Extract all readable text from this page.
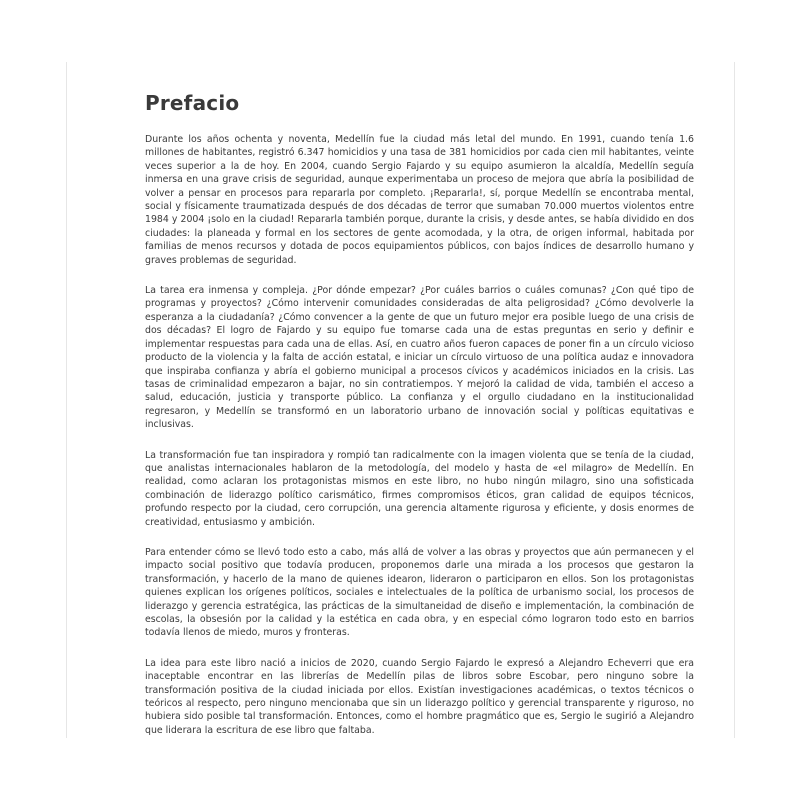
Prefacio

Durante los años ochenta y noventa, Medellín fue la ciudad más letal del mundo. En 1991, cuando tenía 1.6 millones de habitantes, registró 6.347 homicidios y una tasa de 381 homicidios por cada cien mil habitantes, veinte veces superior a la de hoy. En 2004, cuando Sergio Fajardo y su equipo asumieron la alcaldía, Medellín seguía inmersa en una grave crisis de seguridad, aunque experimentaba un proceso de mejora que abría la posibilidad de volver a pensar en procesos para repararla por completo. ¡Repararla!, sí, porque Medellín se encontraba mental, social y físicamente traumatizada después de dos décadas de terror que sumaban 70.000 muertos violentos entre 1984 y 2004 ¡solo en la ciudad! Repararla también porque, durante la crisis, y desde antes, se había dividido en dos ciudades: la planeada y formal en los sectores de gente acomodada, y la otra, de origen informal, habitada por familias de menos recursos y dotada de pocos equipamientos públicos, con bajos índices de desarrollo humano y graves problemas de seguridad.

La tarea era inmensa y compleja. ¿Por dónde empezar? ¿Por cuáles barrios o cuáles comunas? ¿Con qué tipo de programas y proyectos? ¿Cómo intervenir comunidades consideradas de alta peligrosidad? ¿Cómo devolverle la esperanza a la ciudadanía? ¿Cómo convencer a la gente de que un futuro mejor era posible luego de una crisis de dos décadas? El logro de Fajardo y su equipo fue tomarse cada una de estas preguntas en serio y definir e implementar respuestas para cada una de ellas. Así, en cuatro años fueron capaces de poner fin a un círculo vicioso producto de la violencia y la falta de acción estatal, e iniciar un círculo virtuoso de una política audaz e innovadora que inspiraba confianza y abría el gobierno municipal a procesos cívicos y académicos iniciados en la crisis. Las tasas de criminalidad empezaron a bajar, no sin contratiempos. Y mejoró la calidad de vida, también el acceso a salud, educación, justicia y transporte público. La confianza y el orgullo ciudadano en la institucionalidad regresaron, y Medellín se transformó en un laboratorio urbano de innovación social y políticas equitativas e inclusivas.

La transformación fue tan inspiradora y rompió tan radicalmente con la imagen violenta que se tenía de la ciudad, que analistas internacionales hablaron de la metodología, del modelo y hasta de «el milagro» de Medellín. En realidad, como aclaran los protagonistas mismos en este libro, no hubo ningún milagro, sino una sofisticada combinación de liderazgo político carismático, firmes compromisos éticos, gran calidad de equipos técnicos, profundo respecto por la ciudad, cero corrupción, una gerencia altamente rigurosa y eficiente, y dosis enormes de creatividad, entusiasmo y ambición.

Para entender cómo se llevó todo esto a cabo, más allá de volver a las obras y proyectos que aún permanecen y el impacto social positivo que todavía producen, proponemos darle una mirada a los procesos que gestaron la transformación, y hacerlo de la mano de quienes idearon, lideraron o participaron en ellos. Son los protagonistas quienes explican los orígenes políticos, sociales e intelectuales de la política de urbanismo social, los procesos de liderazgo y gerencia estratégica, las prácticas de la simultaneidad de diseño e implementación, la combinación de escolas, la obsesión por la calidad y la estética en cada obra, y en especial cómo lograron todo esto en barrios todavía llenos de miedo, muros y fronteras.

La idea para este libro nació a inicios de 2020, cuando Sergio Fajardo le expresó a Alejandro Echeverri que era inaceptable encontrar en las librerías de Medellín pilas de libros sobre Escobar, pero ninguno sobre la transformación positiva de la ciudad iniciada por ellos. Existían investigaciones académicas, o textos técnicos o teóricos al respecto, pero ninguno mencionaba que sin un liderazgo político y gerencial transparente y riguroso, no hubiera sido posible tal transformación. Entonces, como el hombre pragmático que es, Sergio le sugirió a Alejandro que liderara la escritura de ese libro que faltaba.
